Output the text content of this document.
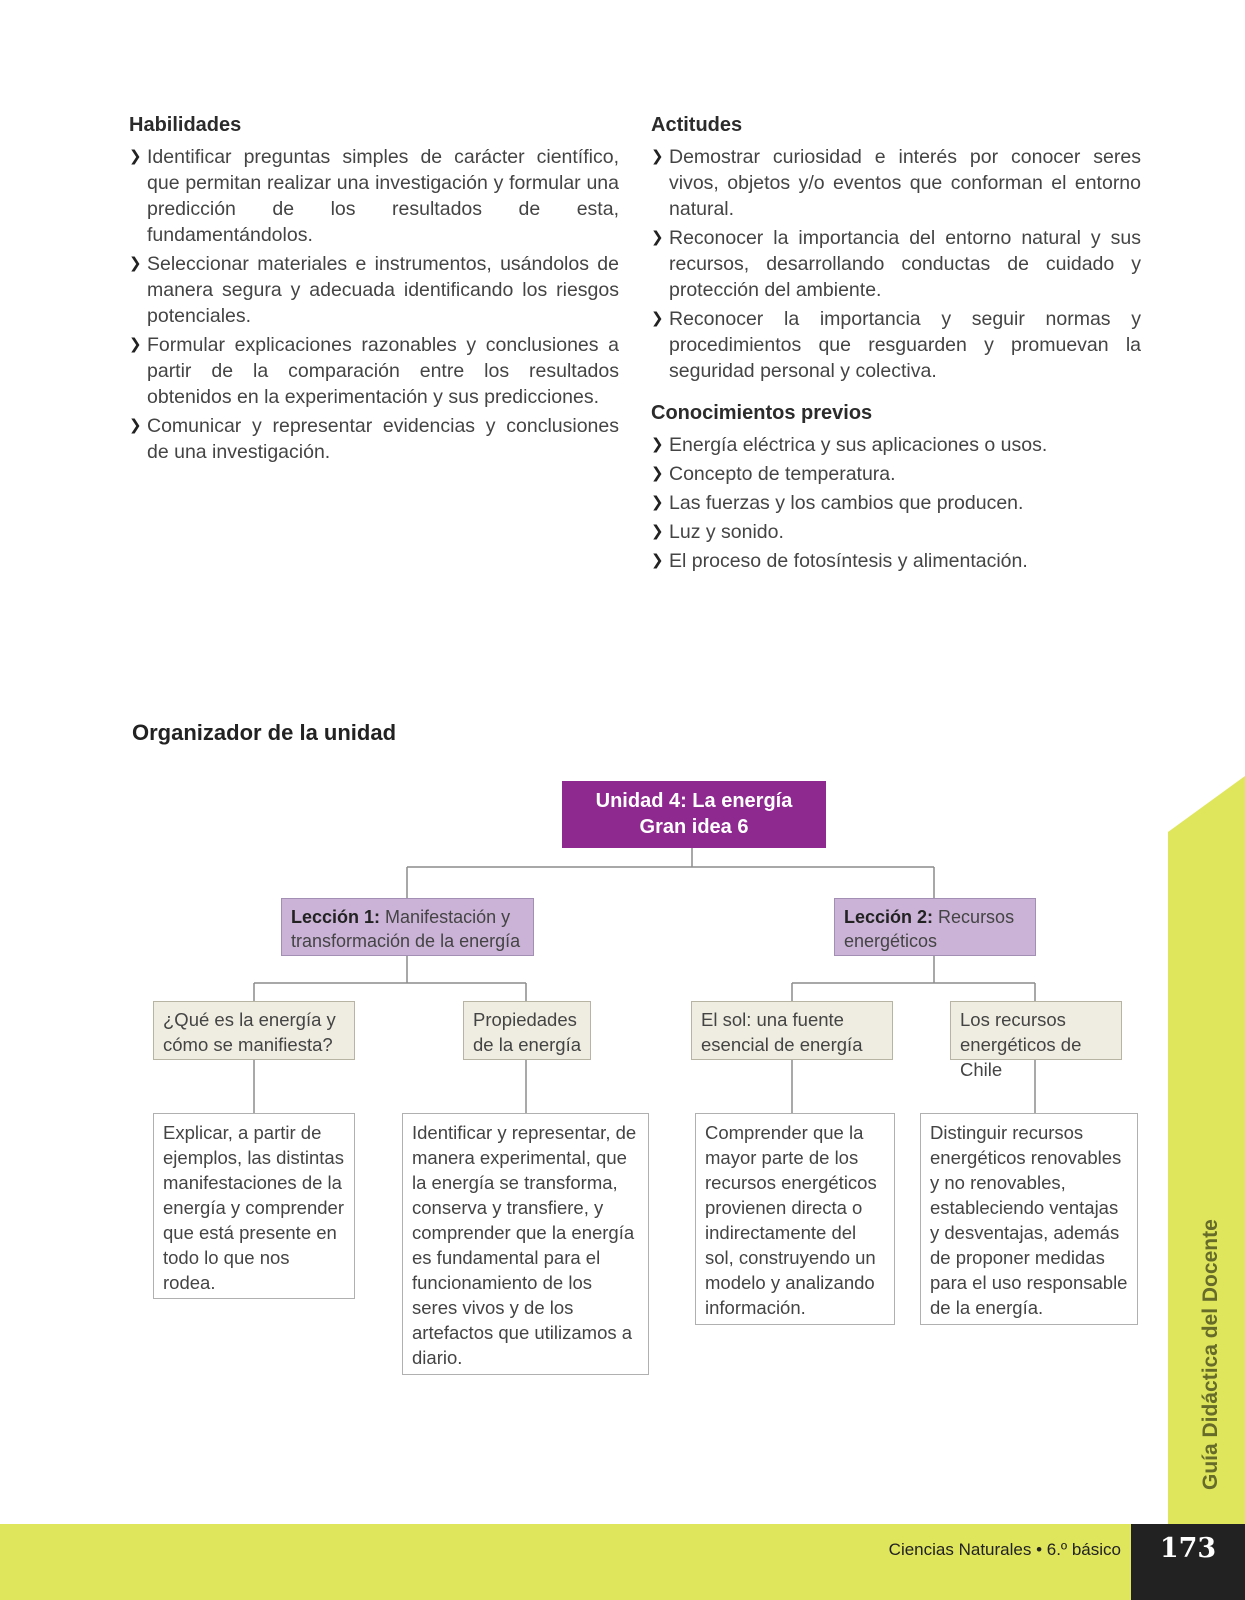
Habilidades
❯ Identificar preguntas simples de carácter científico, que permitan realizar una investigación y formular una predicción de los resultados de esta, fundamentándolos.
❯ Seleccionar materiales e instrumentos, usándolos de manera segura y adecuada identificando los riesgos potenciales.
❯ Formular explicaciones razonables y conclusiones a partir de la comparación entre los resultados obtenidos en la experimentación y sus predicciones.
❯ Comunicar y representar evidencias y conclusiones de una investigación.
Actitudes
❯ Demostrar curiosidad e interés por conocer seres vivos, objetos y/o eventos que conforman el entorno natural.
❯ Reconocer la importancia del entorno natural y sus recursos, desarrollando conductas de cuidado y protección del ambiente.
❯ Reconocer la importancia y seguir normas y procedimientos que resguarden y promuevan la seguridad personal y colectiva.
Conocimientos previos
❯ Energía eléctrica y sus aplicaciones o usos.
❯ Concepto de temperatura.
❯ Las fuerzas y los cambios que producen.
❯ Luz y sonido.
❯ El proceso de fotosíntesis y alimentación.
Organizador de la unidad
Unidad 4: La energía
Gran idea 6
Lección 1: Manifestación y transformación de la energía
Lección 2: Recursos energéticos
¿Qué es la energía y cómo se manifiesta?
Propiedades de la energía
El sol: una fuente esencial de energía
Los recursos energéticos de Chile
Explicar, a partir de ejemplos, las distintas manifestaciones de la energía y comprender que está presente en todo lo que nos rodea.
Identificar y representar, de manera experimental, que la energía se transforma, conserva y transfiere, y comprender que la energía es fundamental para el funcionamiento de los seres vivos y de los artefactos que utilizamos a diario.
Comprender que la mayor parte de los recursos energéticos provienen directa o indirectamente del sol, construyendo un modelo y analizando información.
Distinguir recursos energéticos renovables y no renovables, estableciendo ventajas y desventajas, además de proponer medidas para el uso responsable de la energía.	Guía Didáctica del Docente
Ciencias Naturales • 6.º básico	173
